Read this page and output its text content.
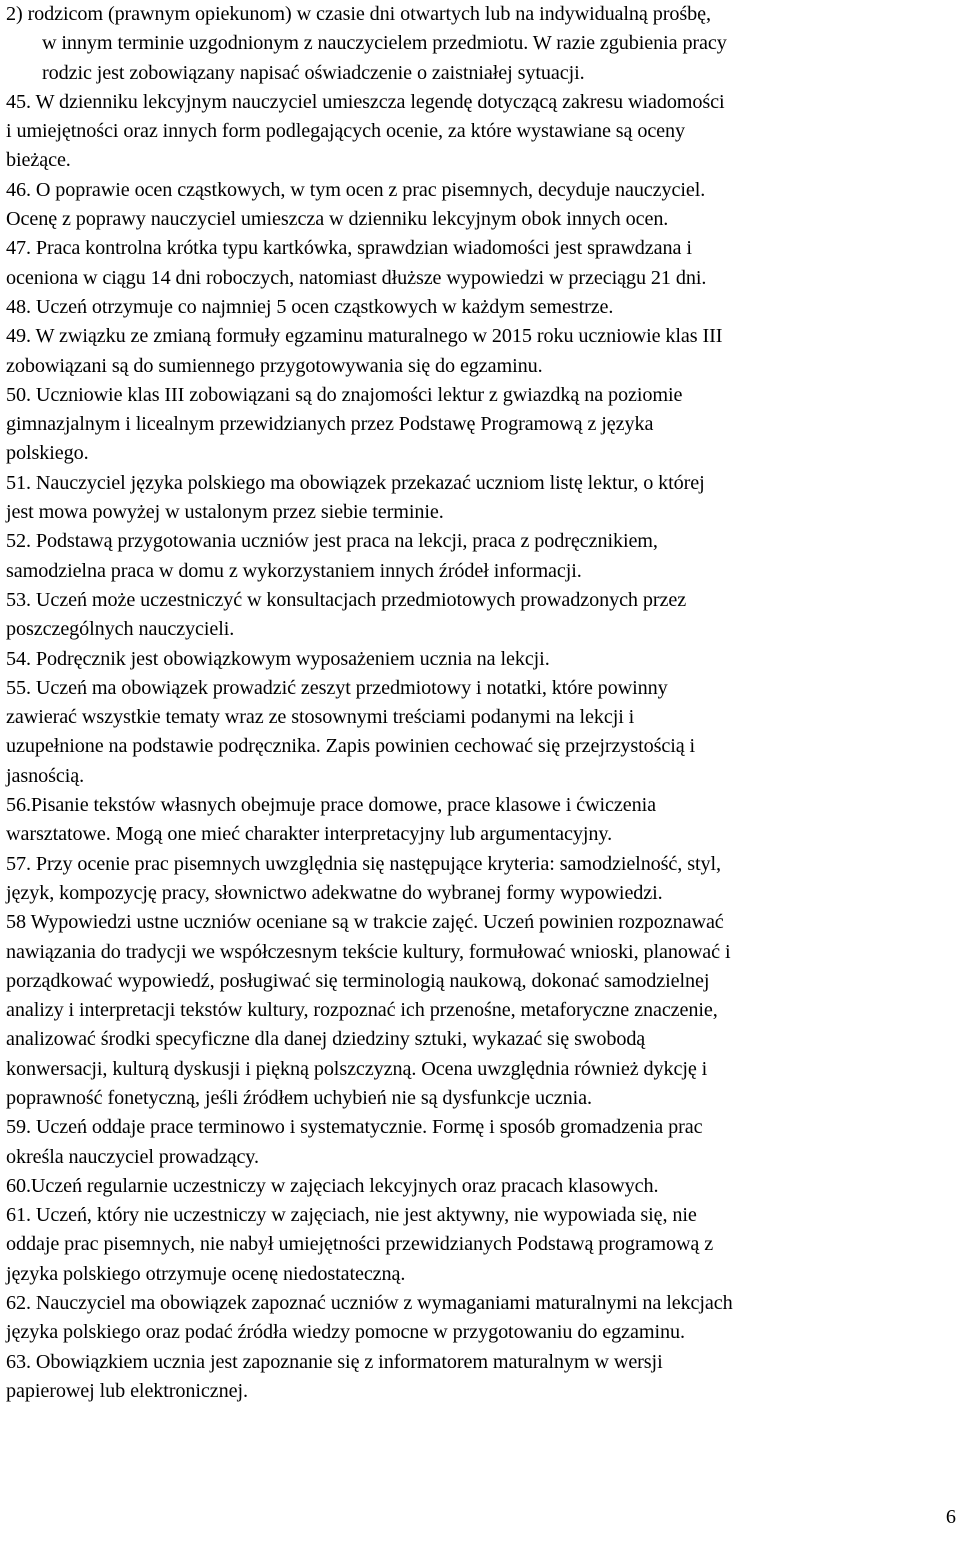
2) rodzicom (prawnym opiekunom) w czasie dni otwartych lub na indywidualną prośbę,
w innym terminie uzgodnionym z nauczycielem przedmiotu. W razie zgubienia pracy
rodzic jest zobowiązany napisać oświadczenie o zaistniałej sytuacji.
45. W dzienniku lekcyjnym nauczyciel umieszcza legendę dotyczącą zakresu wiadomości
i umiejętności oraz innych form podlegających ocenie, za które wystawiane są oceny
bieżące.
46. O poprawie ocen cząstkowych, w tym ocen z prac pisemnych, decyduje nauczyciel.
Ocenę z poprawy nauczyciel umieszcza w dzienniku lekcyjnym obok innych ocen.
47. Praca kontrolna krótka typu kartkówka, sprawdzian wiadomości jest sprawdzana i
oceniona w ciągu 14 dni roboczych, natomiast dłuższe wypowiedzi w przeciągu 21 dni.
48. Uczeń otrzymuje co najmniej 5 ocen cząstkowych w każdym semestrze.
49. W związku ze zmianą formuły egzaminu maturalnego w 2015 roku uczniowie klas III
zobowiązani są do sumiennego przygotowywania się do egzaminu.
50. Uczniowie klas III zobowiązani są do znajomości lektur z gwiazdką na poziomie
gimnazjalnym i licealnym przewidzianych przez Podstawę Programową z języka
polskiego.
51. Nauczyciel języka polskiego ma obowiązek przekazać uczniom listę lektur, o której
jest mowa powyżej w ustalonym przez siebie terminie.
52. Podstawą przygotowania uczniów jest praca na lekcji, praca z podręcznikiem,
samodzielna praca w domu z wykorzystaniem innych źródeł informacji.
53. Uczeń może uczestniczyć w konsultacjach przedmiotowych prowadzonych przez
poszczególnych nauczycieli.
54. Podręcznik jest obowiązkowym wyposażeniem ucznia na lekcji.
55. Uczeń ma obowiązek prowadzić zeszyt przedmiotowy i notatki, które powinny
zawierać wszystkie tematy wraz ze stosownymi treściami podanymi na lekcji i
uzupełnione na podstawie podręcznika. Zapis powinien cechować się przejrzystością i
jasnością.
56.Pisanie tekstów własnych obejmuje prace domowe, prace klasowe i ćwiczenia
warsztatowe. Mogą one mieć charakter interpretacyjny lub argumentacyjny.
57. Przy ocenie prac pisemnych uwzględnia się następujące kryteria: samodzielność, styl,
język, kompozycję pracy, słownictwo adekwatne do wybranej formy wypowiedzi.
58 Wypowiedzi ustne uczniów oceniane są w trakcie zajęć. Uczeń powinien rozpoznawać
nawiązania do tradycji we współczesnym tekście kultury, formułować wnioski, planować i
porządkować wypowiedź, posługiwać się terminologią naukową, dokonać samodzielnej
analizy i interpretacji tekstów kultury, rozpoznać ich przenośne, metaforyczne znaczenie,
analizować środki specyficzne dla danej dziedziny sztuki, wykazać się swobodą
konwersacji, kulturą dyskusji i piękną polszczyzną. Ocena uwzględnia również dykcję i
poprawność fonetyczną, jeśli źródłem uchybień nie są dysfunkcje ucznia.
59. Uczeń oddaje prace terminowo i systematycznie. Formę i sposób gromadzenia prac
określa nauczyciel prowadzący.
60.Uczeń regularnie uczestniczy w zajęciach lekcyjnych oraz pracach klasowych.
61. Uczeń, który nie uczestniczy w zajęciach, nie jest aktywny, nie wypowiada się, nie
oddaje prac pisemnych, nie nabył umiejętności przewidzianych Podstawą programową z
języka polskiego otrzymuje ocenę niedostateczną.
62. Nauczyciel ma obowiązek zapoznać uczniów z wymaganiami maturalnymi na lekcjach
języka polskiego oraz podać źródła wiedzy pomocne w przygotowaniu do egzaminu.
63. Obowiązkiem ucznia jest zapoznanie się z informatorem maturalnym w wersji
papierowej lub elektronicznej.
6
